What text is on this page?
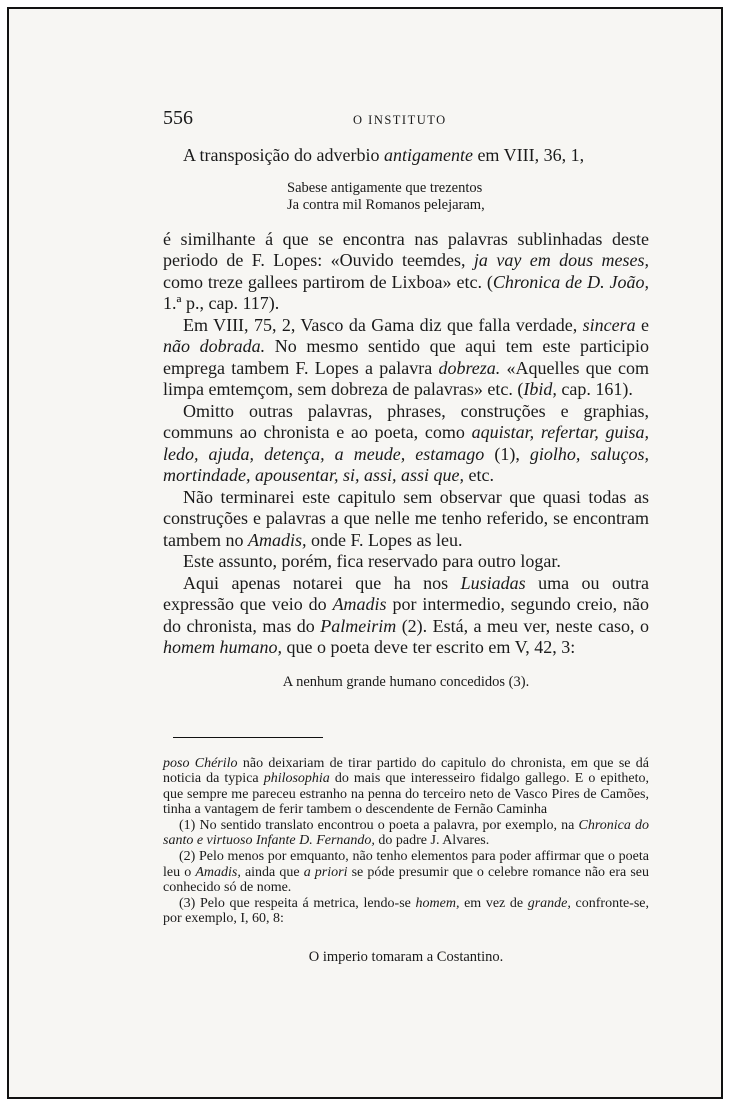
556	O INSTITUTO

A transposição do adverbio antigamente em VIII, 36, 1,

Sabese antigamente que trezentos

Ja contra mil Romanos pelejaram,

é similhante á que se encontra nas palavras sublinhadas deste periodo de F. Lopes: «Ouvido teemdes, ja vay em dous meses, como treze gallees partirom de Lixboa» etc. (Chronica de D. João, 1.ª p., cap. 117).

Em VIII, 75, 2, Vasco da Gama diz que falla verdade, sincera e não dobrada. No mesmo sentido que aqui tem este participio emprega tambem F. Lopes a palavra dobreza. «Aquelles que com limpa emtemçom, sem dobreza de palavras» etc. (Ibid, cap. 161).

Omitto outras palavras, phrases, construções e graphias, communs ao chronista e ao poeta, como aquistar, refertar, guisa, ledo, ajuda, detença, a meude, estamago (1), giolho, saluços, mortindade, apousentar, si, assi, assi que, etc.

Não terminarei este capitulo sem observar que quasi todas as construções e palavras a que nelle me tenho referido, se encontram tambem no Amadis, onde F. Lopes as leu.

Este assunto, porém, fica reservado para outro logar.

Aqui apenas notarei que ha nos Lusiadas uma ou outra expressão que veio do Amadis por intermedio, segundo creio, não do chronista, mas do Palmeirim (2). Está, a meu ver, neste caso, o homem humano, que o poeta deve ter escrito em V, 42, 3:

A nenhum grande humano concedidos (3).

poso Chérilo não deixariam de tirar partido do capitulo do chronista, em que se dá noticia da typica philosophia do mais que interesseiro fidalgo gallego. E o epitheto, que sempre me pareceu estranho na penna do terceiro neto de Vasco Pires de Camões, tinha a vantagem de ferir tambem o descendente de Fernão Caminha

(1) No sentido translato encontrou o poeta a palavra, por exemplo, na Chronica do santo e virtuoso Infante D. Fernando, do padre J. Alvares.

(2) Pelo menos por emquanto, não tenho elementos para poder affirmar que o poeta leu o Amadis, ainda que a priori se póde presumir que o celebre romance não era seu conhecido só de nome.

(3) Pelo que respeita á metrica, lendo-se homem, em vez de grande, confronte-se, por exemplo, I, 60, 8:

O imperio tomaram a Costantino.
